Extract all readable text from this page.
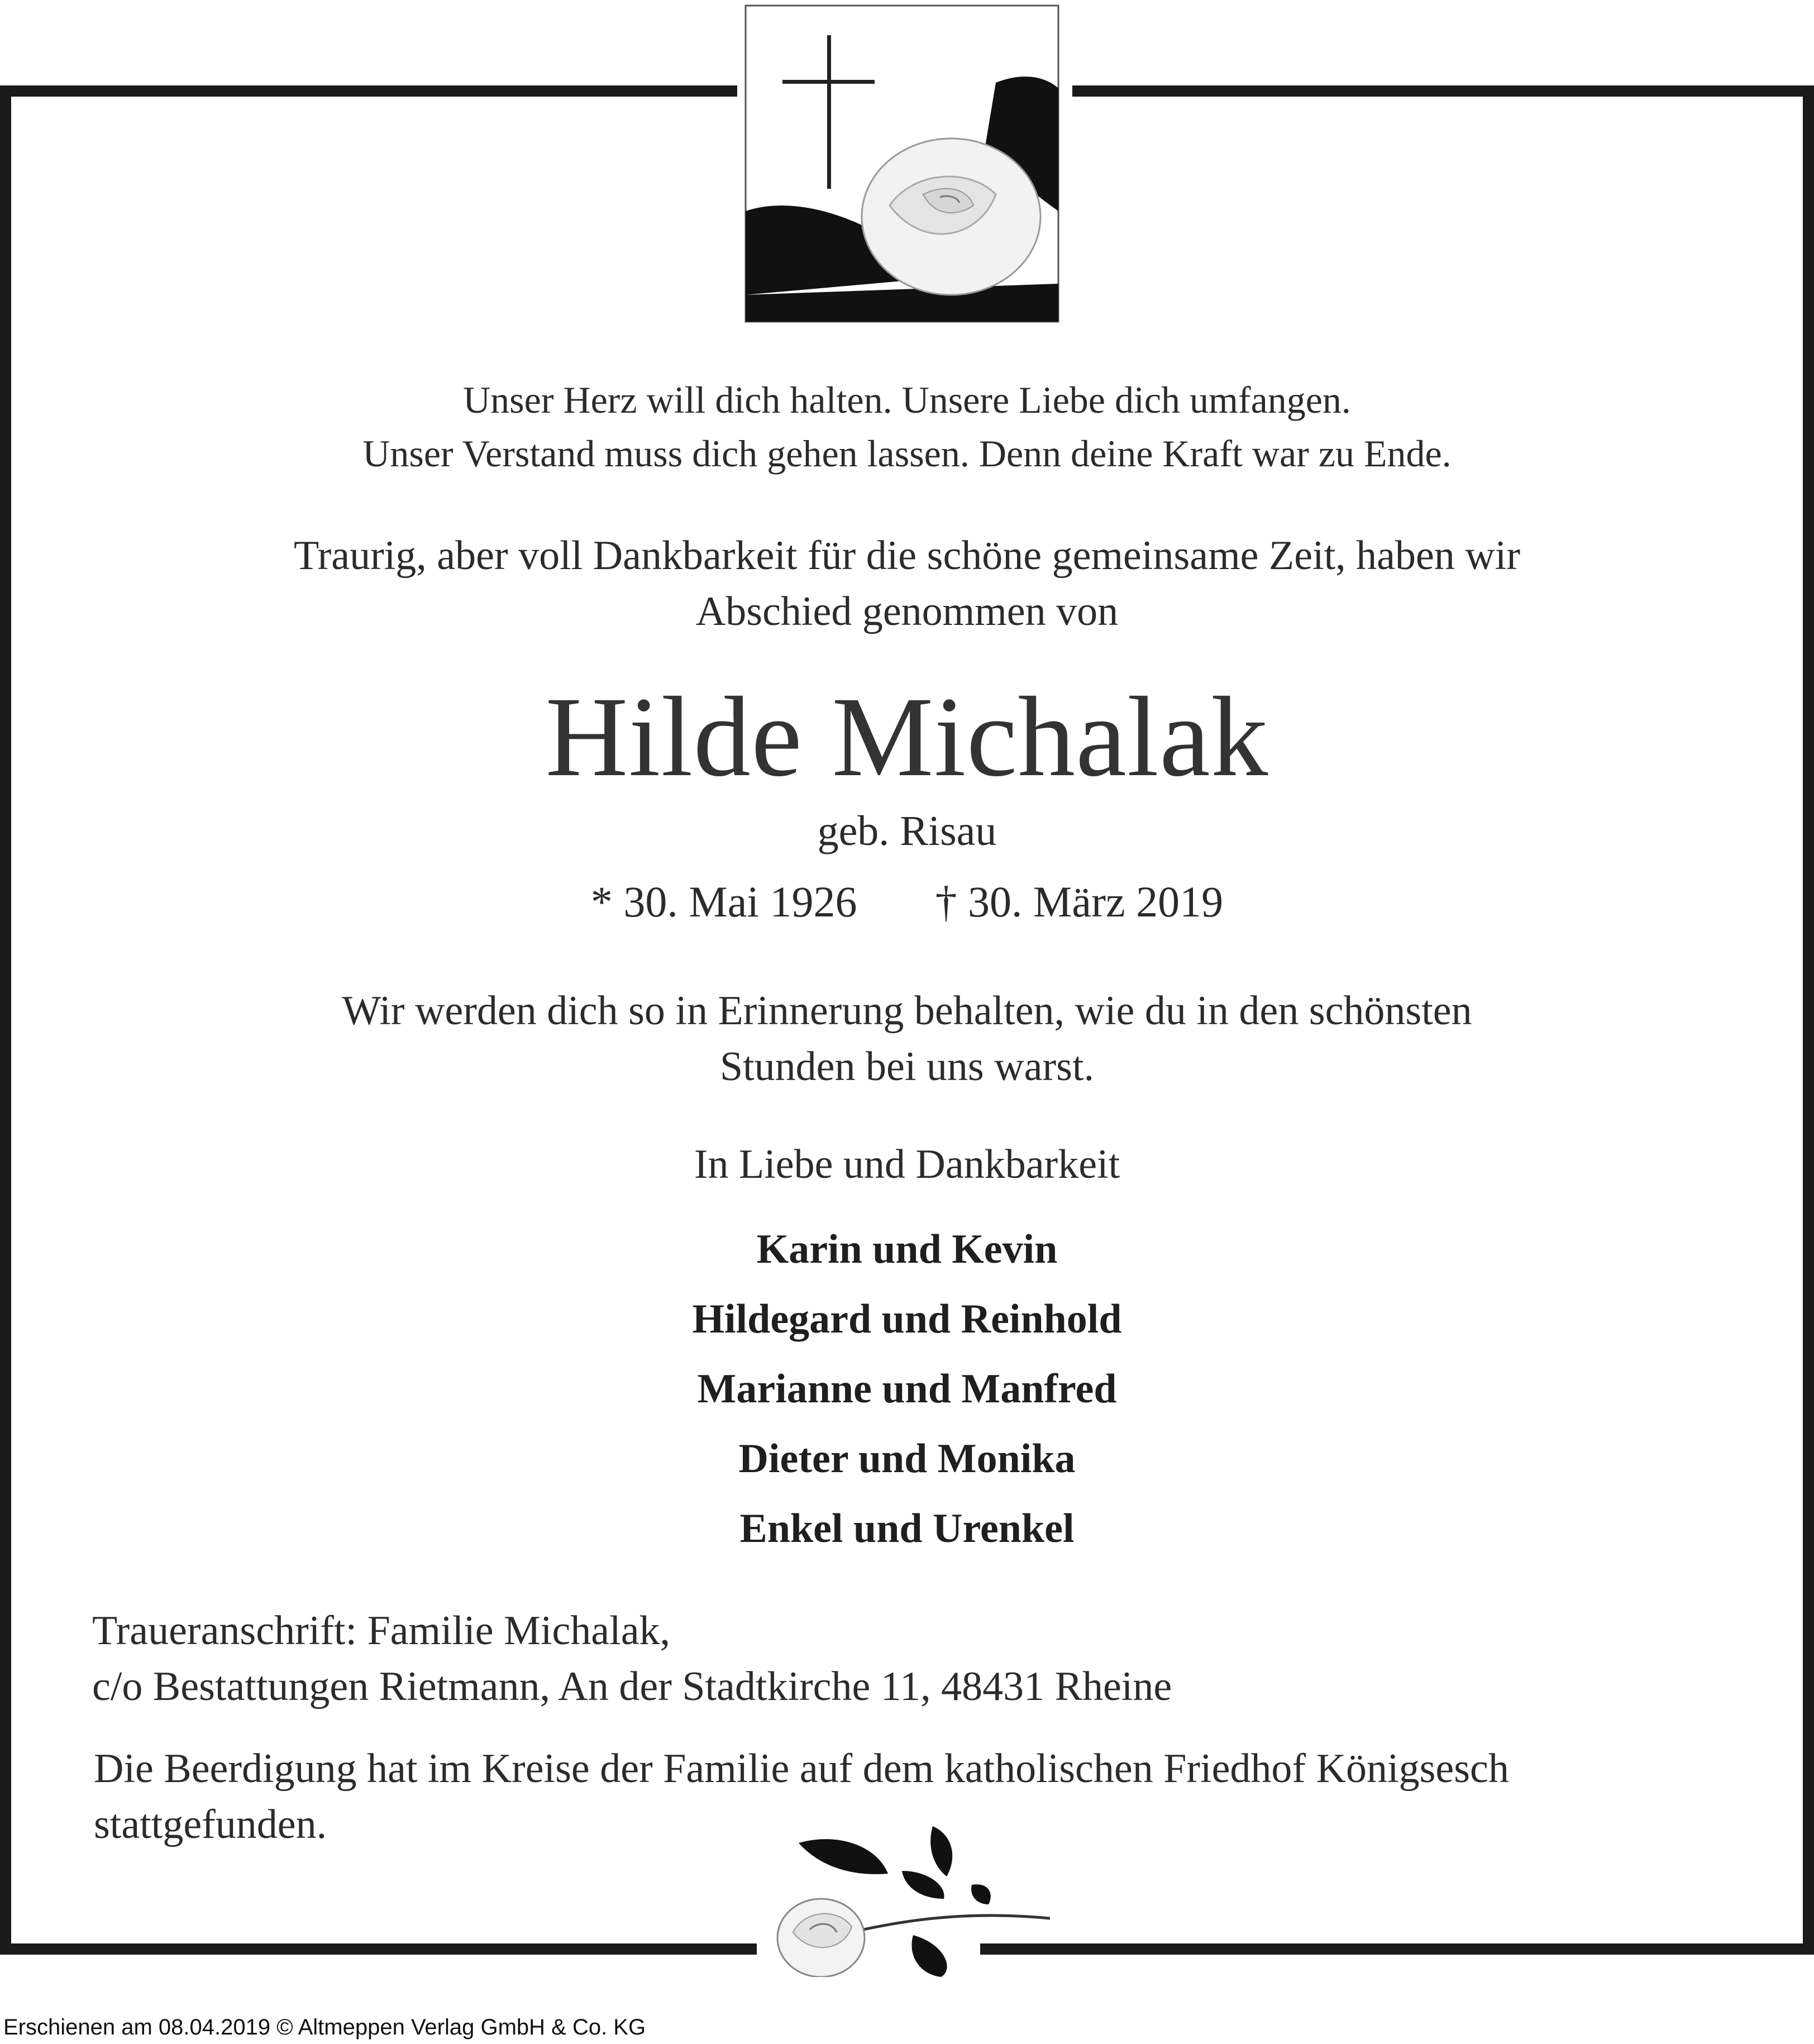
Unser Herz will dich halten. Unsere Liebe dich umfangen.
Unser Verstand muss dich gehen lassen. Denn deine Kraft war zu Ende.
Traurig, aber voll Dankbarkeit für die schöne gemeinsame Zeit, haben wir
Abschied genommen von
Hilde Michalak
geb. Risau
* 30. Mai 1926 † 30. März 2019
Wir werden dich so in Erinnerung behalten, wie du in den schönsten
Stunden bei uns warst.
In Liebe und Dankbarkeit
Karin und Kevin
Hildegard und Reinhold
Marianne und Manfred
Dieter und Monika
Enkel und Urenkel
Traueranschrift: Familie Michalak,
c/o Bestattungen Rietmann, An der Stadtkirche 11, 48431 Rheine
Die Beerdigung hat im Kreise der Familie auf dem katholischen Friedhof Königsesch
stattgefunden.
Erschienen am 08.04.2019 © Altmeppen Verlag GmbH & Co. KG
